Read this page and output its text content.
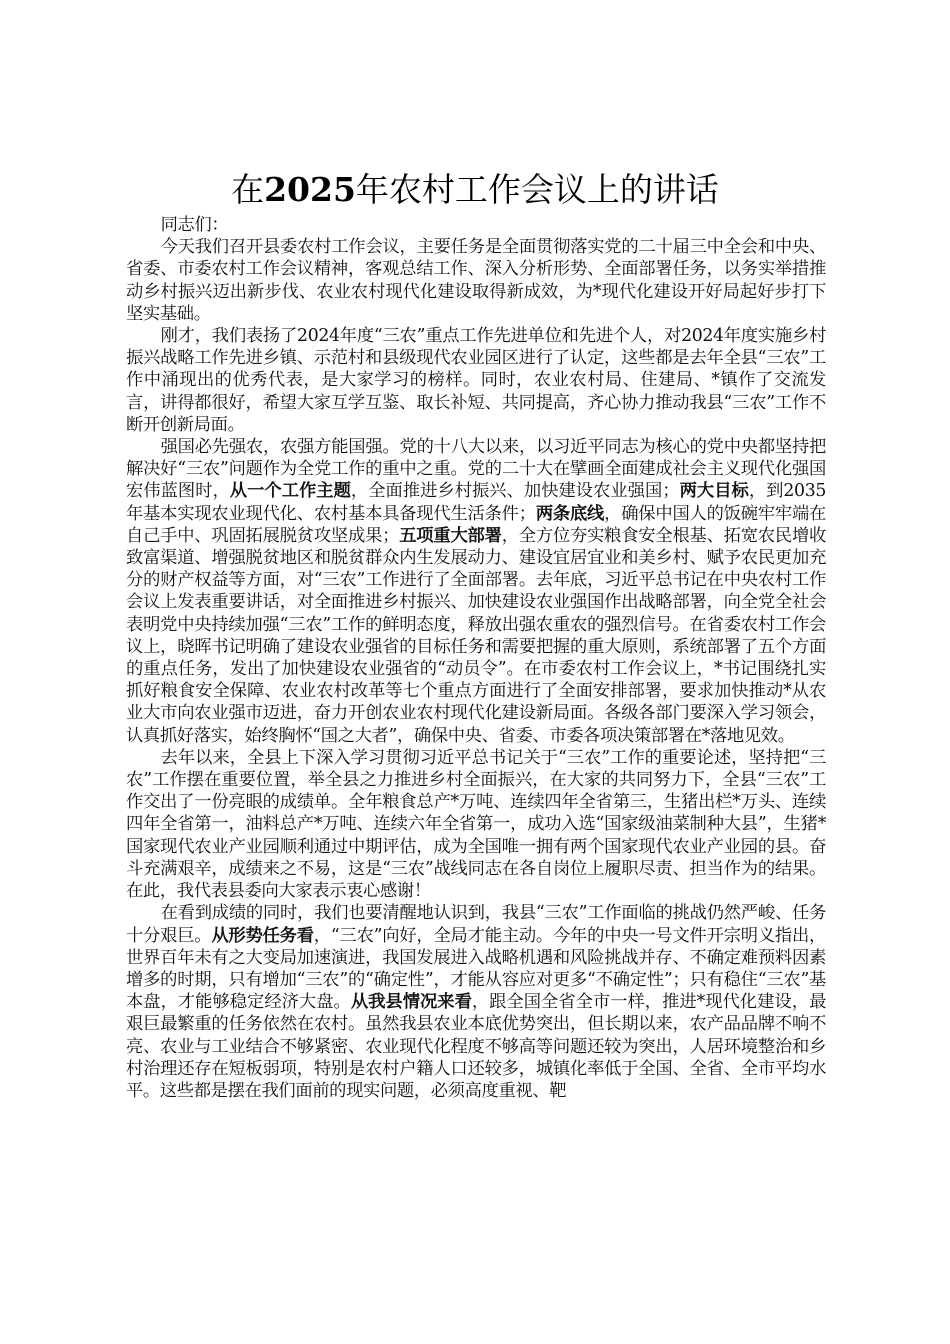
在2025年农村工作会议上的讲话

同志们：

今天我们召开县委农村工作会议，主要任务是全面贯彻落实党的二十届三中全会和中央、省委、市委农村工作会议精神，客观总结工作、深入分析形势、全面部署任务，以务实举措推动乡村振兴迈出新步伐、农业农村现代化建设取得新成效，为*现代化建设开好局起好步打下坚实基础。

刚才，我们表扬了2024年度“三农”重点工作先进单位和先进个人，对2024年度实施乡村振兴战略工作先进乡镇、示范村和县级现代农业园区进行了认定，这些都是去年全县“三农”工作中涌现出的优秀代表，是大家学习的榜样。同时，农业农村局、住建局、*镇作了交流发言，讲得都很好，希望大家互学互鉴、取长补短、共同提高，齐心协力推动我县“三农”工作不断开创新局面。

强国必先强农，农强方能国强。党的十八大以来，以习近平同志为核心的党中央都坚持把解决好“三农”问题作为全党工作的重中之重。党的二十大在擘画全面建成社会主义现代化强国宏伟蓝图时，从一个工作主题，全面推进乡村振兴、加快建设农业强国；两大目标，到2035年基本实现农业现代化、农村基本具备现代生活条件；两条底线，确保中国人的饭碗牢牢端在自己手中、巩固拓展脱贫攻坚成果；五项重大部署，全方位夯实粮食安全根基、拓宽农民增收致富渠道、增强脱贫地区和脱贫群众内生发展动力、建设宜居宜业和美乡村、赋予农民更加充分的财产权益等方面，对“三农”工作进行了全面部署。去年底，习近平总书记在中央农村工作会议上发表重要讲话，对全面推进乡村振兴、加快建设农业强国作出战略部署，向全党全社会表明党中央持续加强“三农”工作的鲜明态度，释放出强农重农的强烈信号。在省委农村工作会议上，晓晖书记明确了建设农业强省的目标任务和需要把握的重大原则，系统部署了五个方面的重点任务，发出了加快建设农业强省的“动员令”。在市委农村工作会议上，*书记围绕扎实抓好粮食安全保障、农业农村改革等七个重点方面进行了全面安排部署，要求加快推动*从农业大市向农业强市迈进，奋力开创农业农村现代化建设新局面。各级各部门要深入学习领会，认真抓好落实，始终胸怀“国之大者”，确保中央、省委、市委各项决策部署在*落地见效。

去年以来，全县上下深入学习贯彻习近平总书记关于“三农”工作的重要论述，坚持把“三农”工作摆在重要位置，举全县之力推进乡村全面振兴，在大家的共同努力下，全县“三农”工作交出了一份亮眼的成绩单。全年粮食总产*万吨、连续四年全省第三，生猪出栏*万头、连续四年全省第一，油料总产*万吨、连续六年全省第一，成功入选“国家级油菜制种大县”，生猪*国家现代农业产业园顺利通过中期评估，成为全国唯一拥有两个国家现代农业产业园的县。奋斗充满艰辛，成绩来之不易，这是“三农”战线同志在各自岗位上履职尽责、担当作为的结果。在此，我代表县委向大家表示衷心感谢！

在看到成绩的同时，我们也要清醒地认识到，我县“三农”工作面临的挑战仍然严峻、任务十分艰巨。从形势任务看，“三农”向好，全局才能主动。今年的中央一号文件开宗明义指出，世界百年未有之大变局加速演进，我国发展进入战略机遇和风险挑战并存、不确定难预料因素增多的时期，只有增加“三农”的“确定性”，才能从容应对更多“不确定性”；只有稳住“三农”基本盘，才能够稳定经济大盘。从我县情况来看，跟全国全省全市一样，推进*现代化建设，最艰巨最繁重的任务依然在农村。虽然我县农业本底优势突出，但长期以来，农产品品牌不响不亮、农业与工业结合不够紧密、农业现代化程度不够高等问题还较为突出，人居环境整治和乡村治理还存在短板弱项，特别是农村户籍人口还较多，城镇化率低于全国、全省、全市平均水平。这些都是摆在我们面前的现实问题，必须高度重视、靶
